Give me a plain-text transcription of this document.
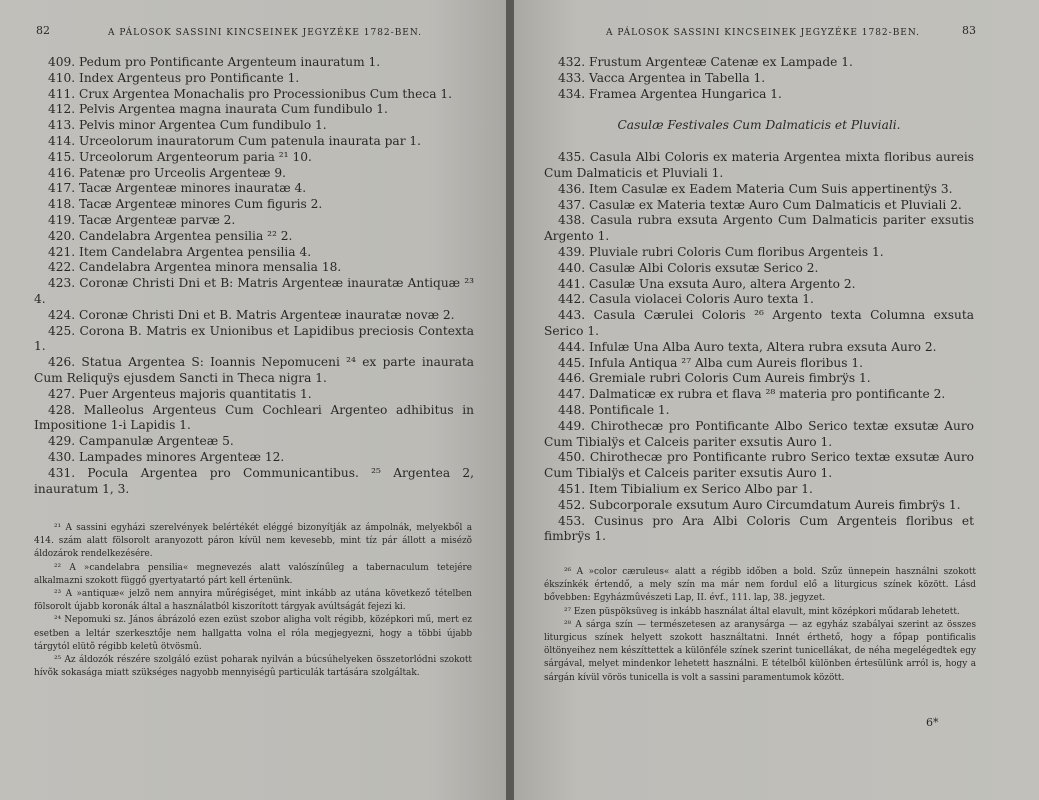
82	A PÁLOSOK SASSINI KINCSEINEK JEGYZÉKE 1782-BEN.

409. Pedum pro Pontificante Argenteum inauratum 1.

410. Index Argenteus pro Pontificante 1.

411. Crux Argentea Monachalis pro Processionibus Cum theca 1.

412. Pelvis Argentea magna inaurata Cum fundibulo 1.

413. Pelvis minor Argentea Cum fundibulo 1.

414. Urceolorum inauratorum Cum patenula inaurata par 1.

415. Urceolorum Argenteorum paria ²¹ 10.

416. Patenæ pro Urceolis Argenteæ 9.

417. Tacæ Argenteæ minores inauratæ 4.

418. Tacæ Argenteæ minores Cum figuris 2.

419. Tacæ Argenteæ parvæ 2.

420. Candelabra Argentea pensilia ²² 2.

421. Item Candelabra Argentea pensilia 4.

422. Candelabra Argentea minora mensalia 18.

423. Coronæ Christi Dni et B: Matris Argenteæ inauratæ Antiquæ ²³ 4.

424. Coronæ Christi Dni et B. Matris Argenteæ inauratæ novæ 2.

425. Corona B. Matris ex Unionibus et Lapidibus preciosis Contexta 1.

426. Statua Argentea S: Ioannis Nepomuceni ²⁴ ex parte inaurata Cum Reliquÿs ejusdem Sancti in Theca nigra 1.

427. Puer Argenteus majoris quantitatis 1.

428. Malleolus Argenteus Cum Cochleari Argenteo adhibitus in Impositione 1-i Lapidis 1.

429. Campanulæ Argenteæ 5.

430. Lampades minores Argenteæ 12.

431. Pocula Argentea pro Communicantibus. ²⁵ Argentea 2, inauratum 1, 3.

²¹ A sassini egyházi szerelvények belértékét eléggé bizonyítják az ámpolnák, melyekből a 414. szám alatt fölsorolt aranyozott páron kívül nem kevesebb, mint tíz pár állott a misézõ áldozárok rendelkezésére.

²² A »candelabra pensilia« megnevezés alatt valószínűleg a tabernaculum tetejére alkalmazni szokott függő gyertyatartó párt kell értenünk.

²³ A »antiquæ« jelzõ nem annyira műrégiséget, mint inkább az utána következő tételben fölsorolt újabb koronák által a használatból kiszorított tárgyak avúltságát fejezi ki.

²⁴ Nepomuki sz. János ábrázoló ezen ezüst szobor aligha volt régibb, középkori mű, mert ez esetben a leltár szerkesztője nem hallgatta volna el róla megjegyezni, hogy a többi újabb tárgytól elütõ régibb keletû ötvösmû.

²⁵ Az áldozók részére szolgáló ezüst poharak nyilván a búcsúhelyeken összetorlódni szokott hívõk sokasága miatt szükséges nagyobb mennyiségû particulák tartására szolgáltak.

A PÁLOSOK SASSINI KINCSEINEK JEGYZÉKE 1782-BEN.	83

432. Frustum Argenteæ Catenæ ex Lampade 1.

433. Vacca Argentea in Tabella 1.

434. Framea Argentea Hungarica 1.

Casulæ Festivales Cum Dalmaticis et Pluviali.

435. Casula Albi Coloris ex materia Argentea mixta floribus aureis Cum Dalmaticis et Pluviali 1.

436. Item Casulæ ex Eadem Materia Cum Suis appertinentÿs 3.

437. Casulæ ex Materia textæ Auro Cum Dalmaticis et Pluviali 2.

438. Casula rubra exsuta Argento Cum Dalmaticis pariter exsutis Argento 1.

439. Pluviale rubri Coloris Cum floribus Argenteis 1.

440. Casulæ Albi Coloris exsutæ Serico 2.

441. Casulæ Una exsuta Auro, altera Argento 2.

442. Casula violacei Coloris Auro texta 1.

443. Casula Cærulei Coloris ²⁶ Argento texta Columna exsuta Serico 1.

444. Infulæ Una Alba Auro texta, Altera rubra exsuta Auro 2.

445. Infula Antiqua ²⁷ Alba cum Aureis floribus 1.

446. Gremiale rubri Coloris Cum Aureis fimbrÿs 1.

447. Dalmaticæ ex rubra et flava ²⁸ materia pro pontificante 2.

448. Pontificale 1.

449. Chirothecæ pro Pontificante Albo Serico textæ exsutæ Auro Cum Tibialÿs et Calceis pariter exsutis Auro 1.

450. Chirothecæ pro Pontificante rubro Serico textæ exsutæ Auro Cum Tibialÿs et Calceis pariter exsutis Auro 1.

451. Item Tibialium ex Serico Albo par 1.

452. Subcorporale exsutum Auro Circumdatum Aureis fimbrÿs 1.

453. Cusinus pro Ara Albi Coloris Cum Argenteis floribus et fimbrÿs 1.

²⁶ A »color cæruleus« alatt a régibb időben a bold. Szűz ünnepein használni szokott ékszínkék értendő, a mely szín ma már nem fordul elő a liturgicus színek között. Lásd bővebben: Egyházmûvészeti Lap, II. évf., 111. lap, 38. jegyzet.

²⁷ Ezen püspöksüveg is inkább használat által elavult, mint középkori műdarab lehetett.

²⁸ A sárga szín — természetesen az aranysárga — az egyház szabályai szerint az összes liturgicus színek helyett szokott használtatni. Innét érthető, hogy a főpap pontificalis öltönyeihez nem készíttettek a különféle színek szerint tunicellákat, de néha megelégedtek egy sárgával, melyet mindenkor lehetett használni. E tételből különben értesülünk arról is, hogy a sárgán kívül vörös tunicella is volt a sassini paramentumok között.

6*
